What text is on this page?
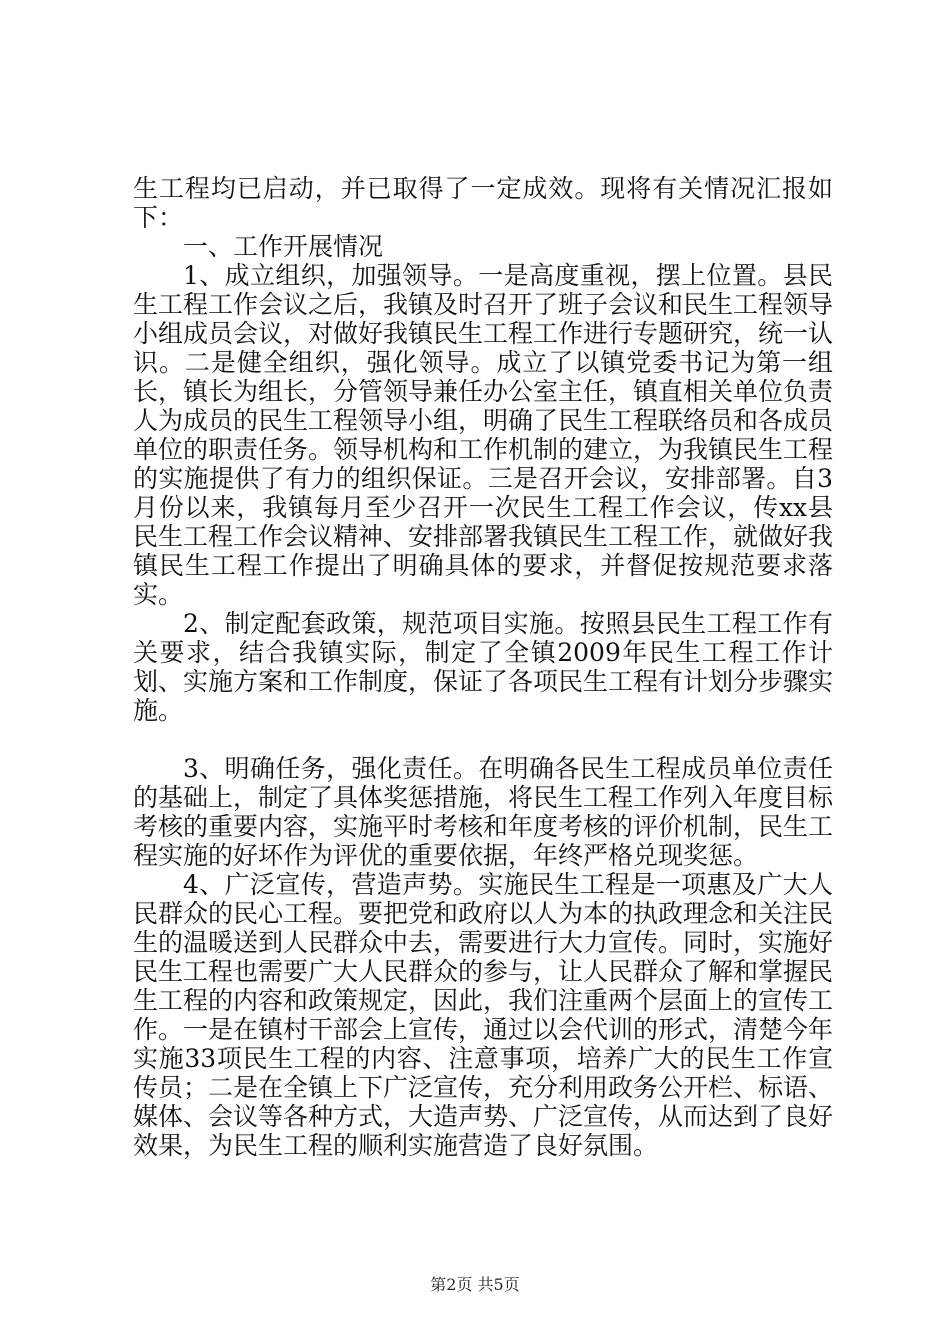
生工程均已启动，并已取得了一定成效。现将有关情况汇报如下：

一、工作开展情况

1、成立组织，加强领导。一是高度重视，摆上位置。县民生工程工作会议之后，我镇及时召开了班子会议和民生工程领导小组成员会议，对做好我镇民生工程工作进行专题研究，统一认识。二是健全组织，强化领导。成立了以镇党委书记为第一组长，镇长为组长，分管领导兼任办公室主任，镇直相关单位负责人为成员的民生工程领导小组，明确了民生工程联络员和各成员单位的职责任务。领导机构和工作机制的建立，为我镇民生工程的实施提供了有力的组织保证。三是召开会议，安排部署。自3月份以来，我镇每月至少召开一次民生工程工作会议，传xx县民生工程工作会议精神、安排部署我镇民生工程工作，就做好我镇民生工程工作提出了明确具体的要求，并督促按规范要求落实。

2、制定配套政策，规范项目实施。按照县民生工程工作有关要求，结合我镇实际，制定了全镇2009年民生工程工作计划、实施方案和工作制度，保证了各项民生工程有计划分步骤实施。

3、明确任务，强化责任。在明确各民生工程成员单位责任的基础上，制定了具体奖惩措施，将民生工程工作列入年度目标考核的重要内容，实施平时考核和年度考核的评价机制，民生工程实施的好坏作为评优的重要依据，年终严格兑现奖惩。

4、广泛宣传，营造声势。实施民生工程是一项惠及广大人民群众的民心工程。要把党和政府以人为本的执政理念和关注民生的温暖送到人民群众中去，需要进行大力宣传。同时，实施好民生工程也需要广大人民群众的参与，让人民群众了解和掌握民生工程的内容和政策规定，因此，我们注重两个层面上的宣传工作。一是在镇村干部会上宣传，通过以会代训的形式，清楚今年实施33项民生工程的内容、注意事项，培养广大的民生工作宣传员；二是在全镇上下广泛宣传，充分利用政务公开栏、标语、媒体、会议等各种方式，大造声势、广泛宣传，从而达到了良好效果，为民生工程的顺利实施营造了良好氛围。

第2页 共5页
